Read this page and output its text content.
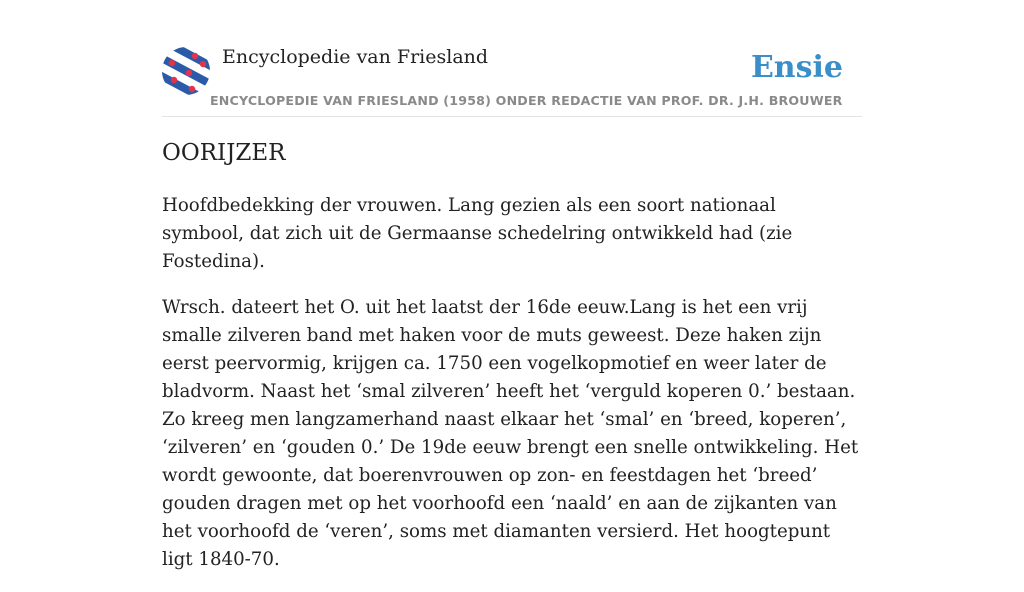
Encyclopedie van Friesland	Ensie
ENCYCLOPEDIE VAN FRIESLAND (1958) ONDER REDACTIE VAN PROF. DR. J.H. BROUWER
OORIJZER

Hoofdbedekking der vrouwen. Lang gezien als een soort nationaal symbool, dat zich uit de Germaanse schedelring ontwikkeld had (zie Fostedina).

Wrsch. dateert het O. uit het laatst der 16de eeuw.Lang is het een vrij smalle zilveren band met haken voor de muts geweest. Deze haken zijn eerst peervormig, krijgen ca. 1750 een vogelkopmotief en weer later de bladvorm. Naast het ‘smal zilveren’ heeft het ‘verguld koperen 0.’ bestaan. Zo kreeg men langzamerhand naast elkaar het ‘smal’ en ‘breed, koperen’, ‘zilveren’ en ‘gouden 0.’ De 19de eeuw brengt een snelle ontwikkeling. Het wordt gewoonte, dat boerenvrouwen op zon- en feestdagen het ‘breed’ gouden dragen met op het voorhoofd een ‘naald’ en aan de zijkanten van het voorhoofd de ‘veren’, soms met diamanten versierd. Het hoogtepunt ligt 1840-70.
